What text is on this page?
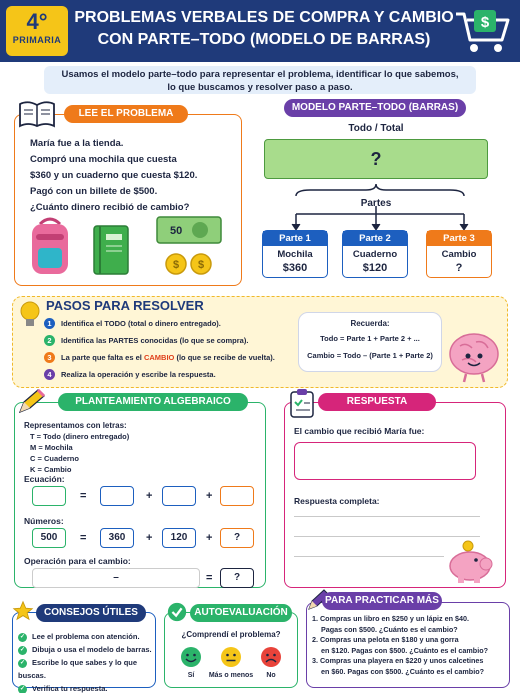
4°
PRIMARIA
PROBLEMAS VERBALES DE COMPRA Y CAMBIO
CON PARTE–TODO (MODELO DE BARRAS)
$
Usamos el modelo parte–todo para representar el problema, identificar lo que sabemos,
lo que buscamos y resolver paso a paso.
LEE EL PROBLEMA
María fue a la tienda.
Compró una mochila que cuesta
$360 y un cuaderno que cuesta $120.
Pagó con un billete de $500.
¿Cuánto dinero recibió de cambio?
50
$ $
MODELO PARTE–TODO (BARRAS)
Todo / Total
?
Partes
Parte 1
Mochila
$360
Parte 2
Cuaderno
$120
Parte 3
Cambio
?
PASOS PARA RESOLVER
1 Identifica el TODO (total o dinero entregado).
2 Identifica las PARTES conocidas (lo que se compra).
3 La parte que falta es el CAMBIO (lo que se recibe de vuelta).
4 Realiza la operación y escribe la respuesta.
Recuerda:
Todo = Parte 1 + Parte 2 + ...
Cambio = Todo – (Parte 1 + Parte 2)
PLANTEAMIENTO ALGEBRAICO
Representamos con letras:
T = Todo (dinero entregado)
M = Mochila
C = Cuaderno
K = Cambio
Ecuación:
=	+	+
Números:
500	=	360	+	120	+	?
Operación para el cambio:
–	=	?
RESPUESTA
El cambio que recibió María fue:
Respuesta completa:
CONSEJOS ÚTILES
✓ Lee el problema con atención.
✓ Dibuja o usa el modelo de barras.
✓ Escribe lo que sabes y lo que buscas.
✓ Verifica tu respuesta.
AUTOEVALUACIÓN
¿Comprendí el problema?
Sí	Más o menos	No
PARA PRACTICAR MÁS
1. Compras un libro en $250 y un lápiz en $40.
Pagas con $500. ¿Cuánto es el cambio?
2. Compras una pelota en $180 y una gorra
en $120. Pagas con $500. ¿Cuánto es el cambio?
3. Compras una playera en $220 y unos calcetines
en $60. Pagas con $500. ¿Cuánto es el cambio?
